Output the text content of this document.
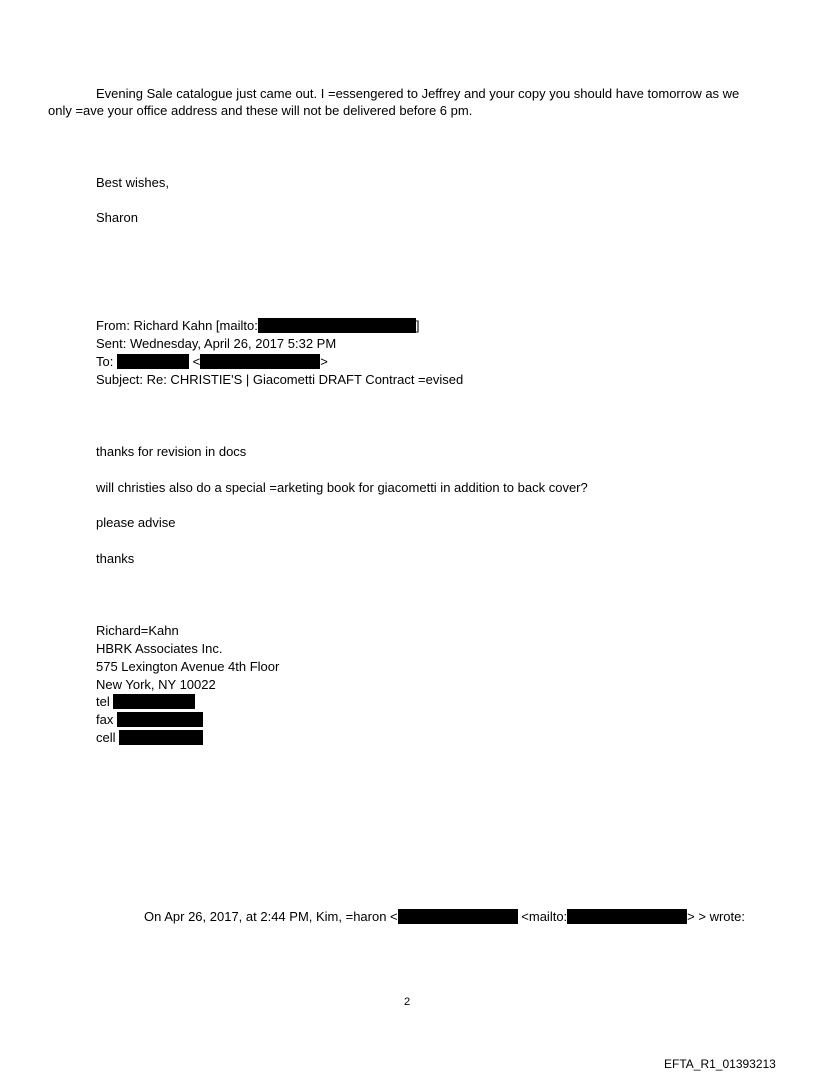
Evening Sale catalogue just came out. I =essengered to Jeffrey and your copy you should have tomorrow as we
only =ave your office address and these will not be delivered before 6 pm.
Best wishes,
Sharon
From: Richard Kahn [mailto:	]
Sent: Wednesday, April 26, 2017 5:32 PM
To:	<	>
Subject: Re: CHRISTIE'S | Giacometti DRAFT Contract =evised
thanks for revision in docs
will christies also do a special =arketing book for giacometti in addition to back cover?
please advise
thanks
Richard=Kahn
HBRK Associates Inc.
575 Lexington Avenue 4th Floor
New York, NY 10022
tel
fax
cell
On Apr 26, 2017, at 2:44 PM, Kim, =haron <	<mailto:	> > wrote:
2
EFTA_R1_01393213
